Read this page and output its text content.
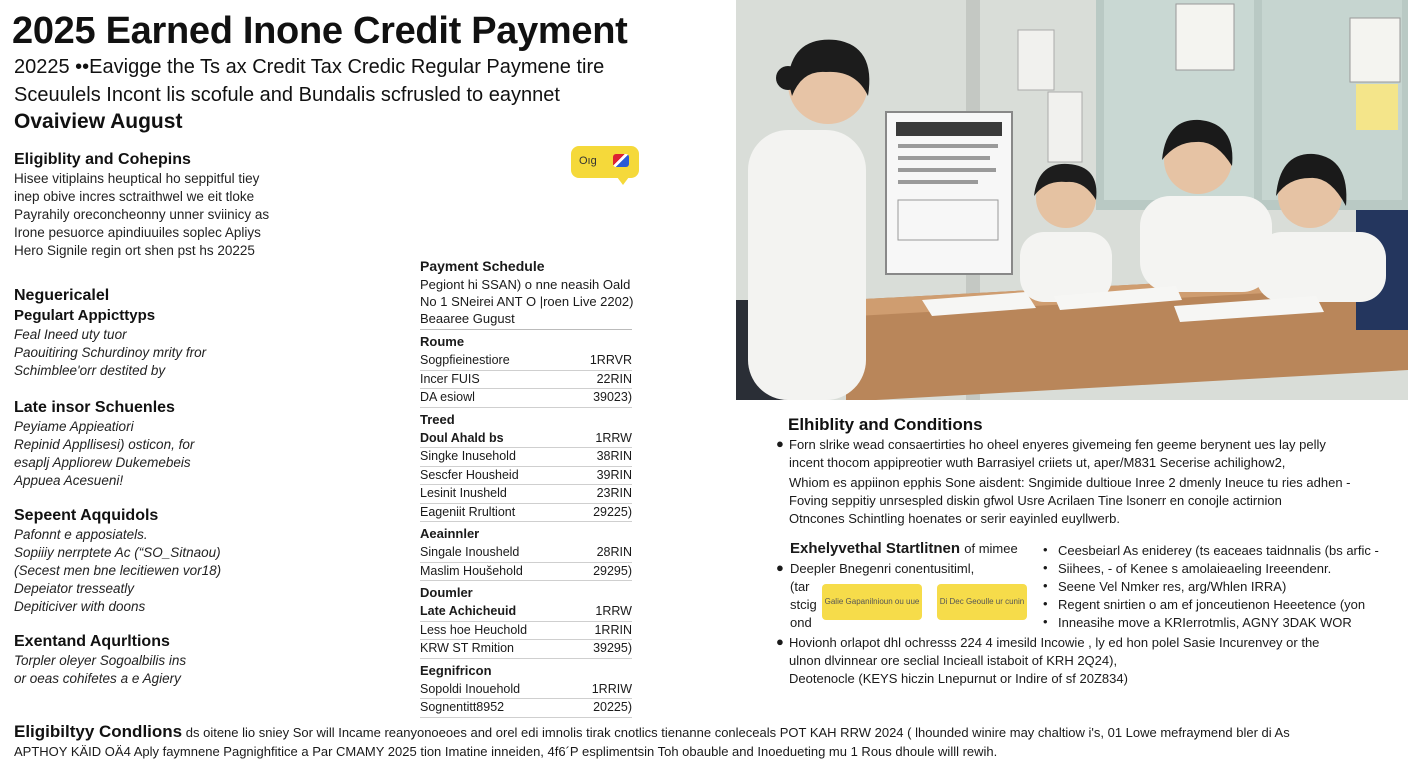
2025 Earned Inone Credit Payment
20225 ••Eavigge the Ts ax Credit Tax Credic Regular Paymene tire
Sceuulels Incont lis scofule and Bundalis scfrusled to eaynnet
Ovaiview August
Oıg
Eligiblity and Cohepins
Hisee vitiplains heuptical ho seppitful tiey
inep obive incres sctraithwel we eit tloke
Payrahily oreconcheonny unner sviinicy as
Irone pesuorce apindiuuiles soplec Apliys
Hero Signile regin ort shen pst hs 20225
Neguericalel
Pegulart Appicttyps
Feal Ineed uty tuor
Paouitiring Schurdinoy mrity fror
Schimblee'orr destited by
Late insor Schuenles
Peyiame Appieatiori
Repinid Appllisesi) osticon, for
esaplj Appliorew Dukemebeis
Appuea Acesueni!
Sepeent Aqquidols
Pafonnt e apposiatels.
Sopiiiy nerrptete Ac (“SO_Sitnaou)
(Secest men bne lecitiewen vor18)
Depeiator tresseatly
Depiticiver with doons
Exentand Aqurltions
Torpler oleyer Sogoalbilis ins
or oeas cohifetes a e Agiery
Payment Schedule
Pegiont hi SSAN) o nne neasih Oald
No 1 SNeirei ANT O |roen Live 2202)
Beaaree Gugust
Roume
Sogpfieinestiore	1RRVR
Incer FUIS	22RIN
DA esiowl	39023)
Treed
Doul Ahald bs	1RRW
Singke Inusehold	38RIN
Sescfer Housheid	39RIN
Lesinit Inusheld	23RIN
Eageniit Rrultiont	29225)
Aeainnler
Singale Inousheld	28RIN
Maslim Houšehold	29295)
Doumler
Late Achicheuid	1RRW
Less hoe Heuchold	1RRIN
KRW ST Rmition	39295)
Eegnifricon
Sopoldi Inouehold	1RRIW
Sognentitt8952	20225)
Elhiblity and Conditions
● Forn slrike wead consaertirties ho oheel enyeres givemeing fen geeme berynent ues lay pelly
incent thocom appipreotier wuth Barrasiyel criiets ut, aper/M831 Secerise achilighow2,
Whiom es appiinon epphis Sone aisdent: Sngimide dultioue Inree 2 dmenly Ineuce tu ries adhen -
Foving seppitiy unrsespled diskin gfwol Usre Acrilaen Tine lsonerr en conojle actirnion
Otncones Schintling hoenates or serir eayinled euyllwerb.
Exhelyvethal Startlitnen of mimee
● Deepler Bnegenri conentusitiml,
(tar
stcig
ond
Galie Gapanilnioun ou uue	Di Dec Geoulle ur cunin
• Ceesbeiarl As eniderey (ts eaceaes taidnnalis (bs arfic -
• Siihees, - of Kenee s amolaieaeling Ireeendenr.
• Seene Vel Nmker res, arg/Whlen IRRA)
• Regent snirtien o am ef jonceutienon Heeetence (yon
• Inneasihe move a KRIerrotmlis, AGNY 3DAK WOR
● Hovionh orlapot dhl ochresss 224 4 imesild Incowie , ly ed hon polel Sasie Incurenvey or the
ulnon dlvinnear ore seclial Incieall istaboit of KRH 2Q24),
Deotenocle (KEYS hiczin Lnepurnut or Indire of sf 20Z834)
Eligibiltyy Condlions ds oitene lio sniey Sor will Incame reanyonoeoes and orel edi imnolis tirak cnotlics tienanne conleceals POT KAH RRW 2024 ( lhounded winire may chaltiow i's, 01 Lowe mefraymend bler di As
APTHOY KÄID OÄ4 Aply faymnene Pagnighfitice a Par CMAMY 2025 tion Imatine inneiden, 4f6´P esplimentsin Toh obauble and Inoedueting mu 1 Rous dhoule willl rewih.
